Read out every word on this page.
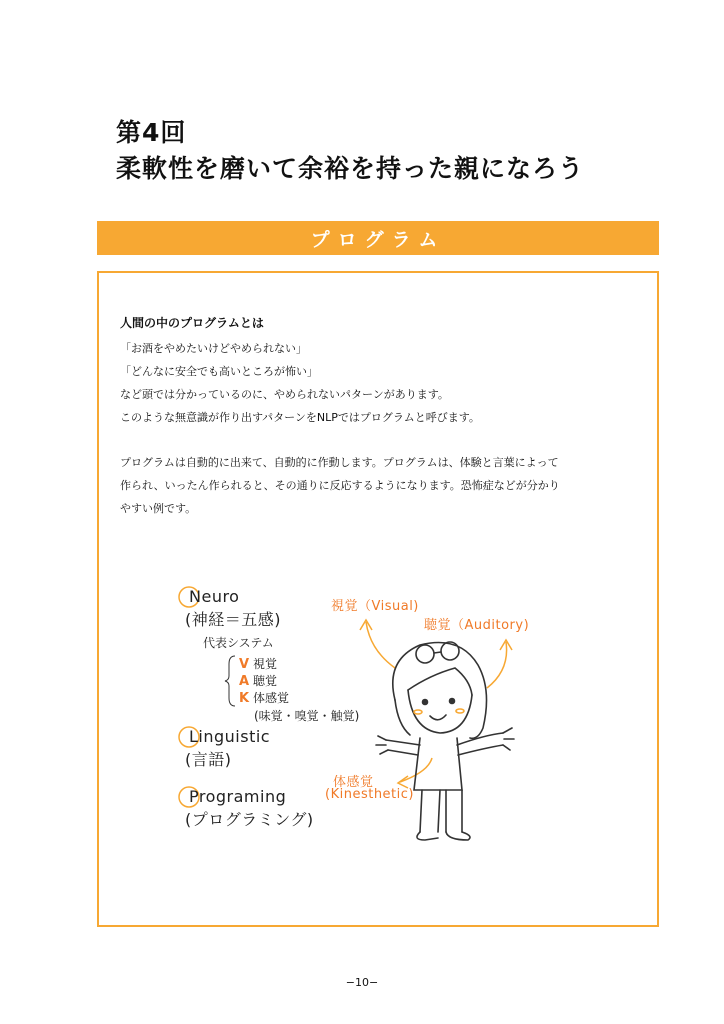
第4回
柔軟性を磨いて余裕を持った親になろう
プログラム
人間の中のプログラムとは
「お酒をやめたいけどやめられない」
「どんなに安全でも高いところが怖い」
など頭では分かっているのに、やめられないパターンがあります。
このような無意識が作り出すパターンをNLPではプログラムと呼びます。
プログラムは自動的に出来て、自動的に作動します。プログラムは、体験と言葉によって
作られ、いったん作られると、その通りに反応するようになります。恐怖症などが分かり
やすい例です。
Neuro
(神経＝五感)
代表システム
V 視覚
A 聴覚
K 体感覚
(味覚・嗅覚・触覚)
Linguistic
(言語)
Programing
(プログラミング)
視覚（Visual)
聴覚（Auditory)
体感覚
(Kinesthetic)
−10−
